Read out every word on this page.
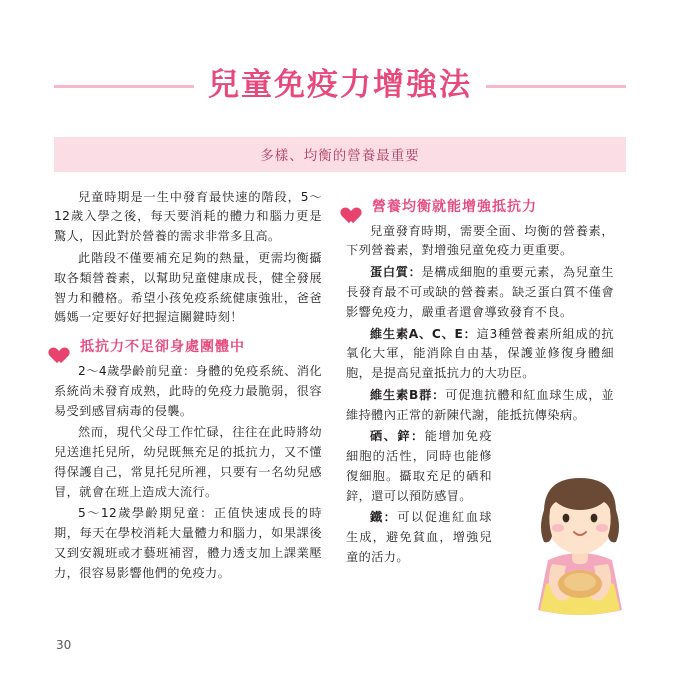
兒童免疫力增強法
多樣、均衡的營養最重要

兒童時期是一生中發育最快速的階段，5～12歲入學之後，每天要消耗的體力和腦力更是驚人，因此對於營養的需求非常多且高。

此階段不僅要補充足夠的熱量，更需均衡攝取各類營養素，以幫助兒童健康成長，健全發展智力和體格。希望小孩免疫系統健康強壯，爸爸媽媽一定要好好把握這關鍵時刻！

抵抗力不足卻身處團體中

2～4歲學齡前兒童：身體的免疫系統、消化系統尚未發育成熟，此時的免疫力最脆弱，很容易受到感冒病毒的侵襲。

然而，現代父母工作忙碌，往往在此時將幼兒送進托兒所，幼兒既無充足的抵抗力，又不懂得保護自己，常見托兒所裡，只要有一名幼兒感冒，就會在班上造成大流行。

5～12歲學齡期兒童：正值快速成長的時期，每天在學校消耗大量體力和腦力，如果課後又到安親班或才藝班補習，體力透支加上課業壓力，很容易影響他們的免疫力。

營養均衡就能增強抵抗力

兒童發育時期，需要全面、均衡的營養素，下列營養素，對增強兒童免疫力更重要。

蛋白質：是構成細胞的重要元素，為兒童生長發育最不可或缺的營養素。缺乏蛋白質不僅會影響免疫力，嚴重者還會導致發育不良。

維生素A、C、E：這3種營養素所組成的抗氧化大軍，能消除自由基，保護並修復身體細胞，是提高兒童抵抗力的大功臣。

維生素B群：可促進抗體和紅血球生成，並維持體內正常的新陳代謝，能抵抗傳染病。

硒、鋅：能增加免疫細胞的活性，同時也能修復細胞。攝取充足的硒和鋅，還可以預防感冒。

鐵：可以促進紅血球生成，避免貧血，增強兒童的活力。

30
